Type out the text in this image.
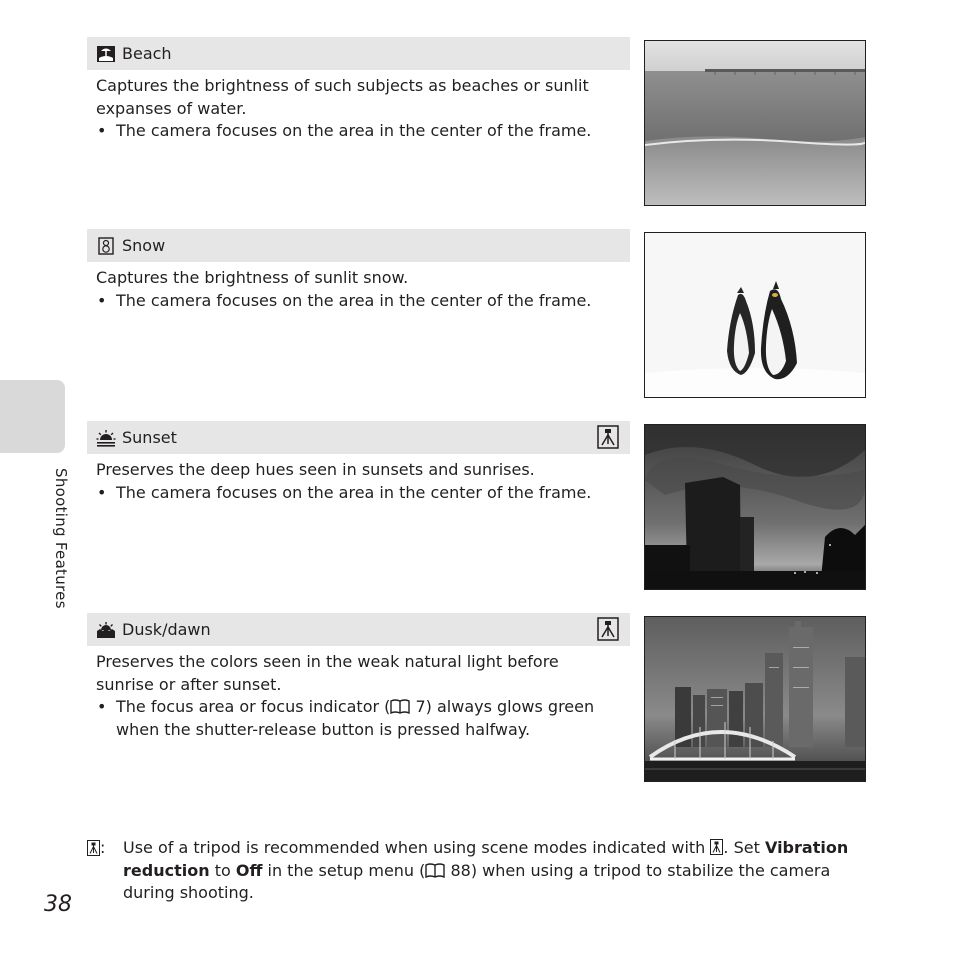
Shooting Features
Beach
Captures the brightness of such subjects as beaches or sunlit expanses of water.
• The camera focuses on the area in the center of the frame.
Snow
Captures the brightness of sunlit snow.
• The camera focuses on the area in the center of the frame.
Sunset
Preserves the deep hues seen in sunsets and sunrises.
• The camera focuses on the area in the center of the frame.
Dusk/dawn
Preserves the colors seen in the weak natural light before sunrise or after sunset.
• The focus area or focus indicator ( 7) always glows green when the shutter-release button is pressed halfway.
: Use of a tripod is recommended when using scene modes indicated with . Set Vibration reduction to Off in the setup menu ( 88) when using a tripod to stabilize the camera during shooting.
38
